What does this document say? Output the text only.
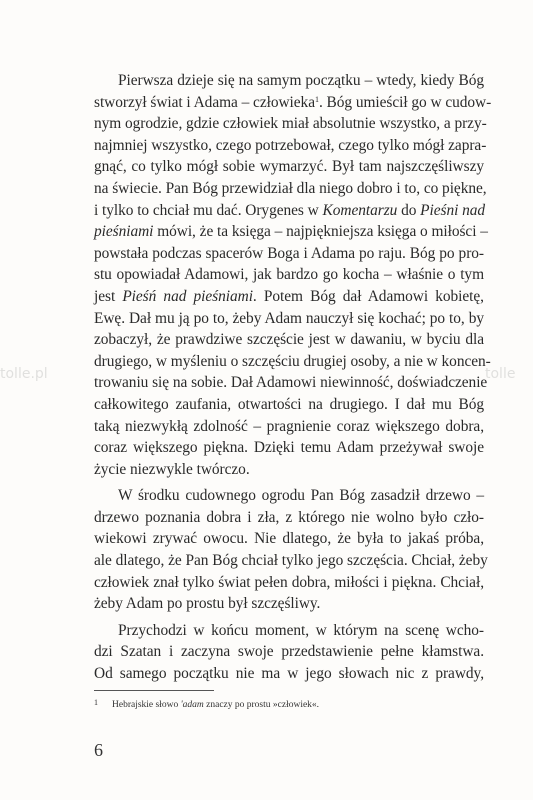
tolle.pl	tolle
Pierwsza dzieje się na samym początku – wtedy, kiedy Bóg
stworzył świat i Adama – człowieka$^1$. Bóg umieścił go w cudow-
nym ogrodzie, gdzie człowiek miał absolutnie wszystko, a przy-
najmniej wszystko, czego potrzebował, czego tylko mógł zapra-
gnąć, co tylko mógł sobie wymarzyć. Był tam najszczęśliwszy
na świecie. Pan Bóg przewidział dla niego dobro i to, co piękne,
i tylko to chciał mu dać. Orygenes w Komentarzu do Pieśni nad
pieśniami mówi, że ta księga – najpiękniejsza księga o miłości –
powstała podczas spacerów Boga i Adama po raju. Bóg po pro-
stu opowiadał Adamowi, jak bardzo go kocha – właśnie o tym
jest Pieśń nad pieśniami. Potem Bóg dał Adamowi kobietę,
Ewę. Dał mu ją po to, żeby Adam nauczył się kochać; po to, by
zobaczył, że prawdziwe szczęście jest w dawaniu, w byciu dla
drugiego, w myśleniu o szczęściu drugiej osoby, a nie w koncen-
trowaniu się na sobie. Dał Adamowi niewinność, doświadczenie
całkowitego zaufania, otwartości na drugiego. I dał mu Bóg
taką niezwykłą zdolność – pragnienie coraz większego dobra,
coraz większego piękna. Dzięki temu Adam przeżywał swoje
życie niezwykle twórczo.
W środku cudownego ogrodu Pan Bóg zasadził drzewo –
drzewo poznania dobra i zła, z którego nie wolno było czło-
wiekowi zrywać owocu. Nie dlatego, że była to jakaś próba,
ale dlatego, że Pan Bóg chciał tylko jego szczęścia. Chciał, żeby
człowiek znał tylko świat pełen dobra, miłości i piękna. Chciał,
żeby Adam po prostu był szczęśliwy.
Przychodzi w końcu moment, w którym na scenę wcho-
dzi Szatan i zaczyna swoje przedstawienie pełne kłamstwa.
Od samego początku nie ma w jego słowach nic z prawdy,
1 Hebrajskie słowo 'adam znaczy po prostu »człowiek«.
6
